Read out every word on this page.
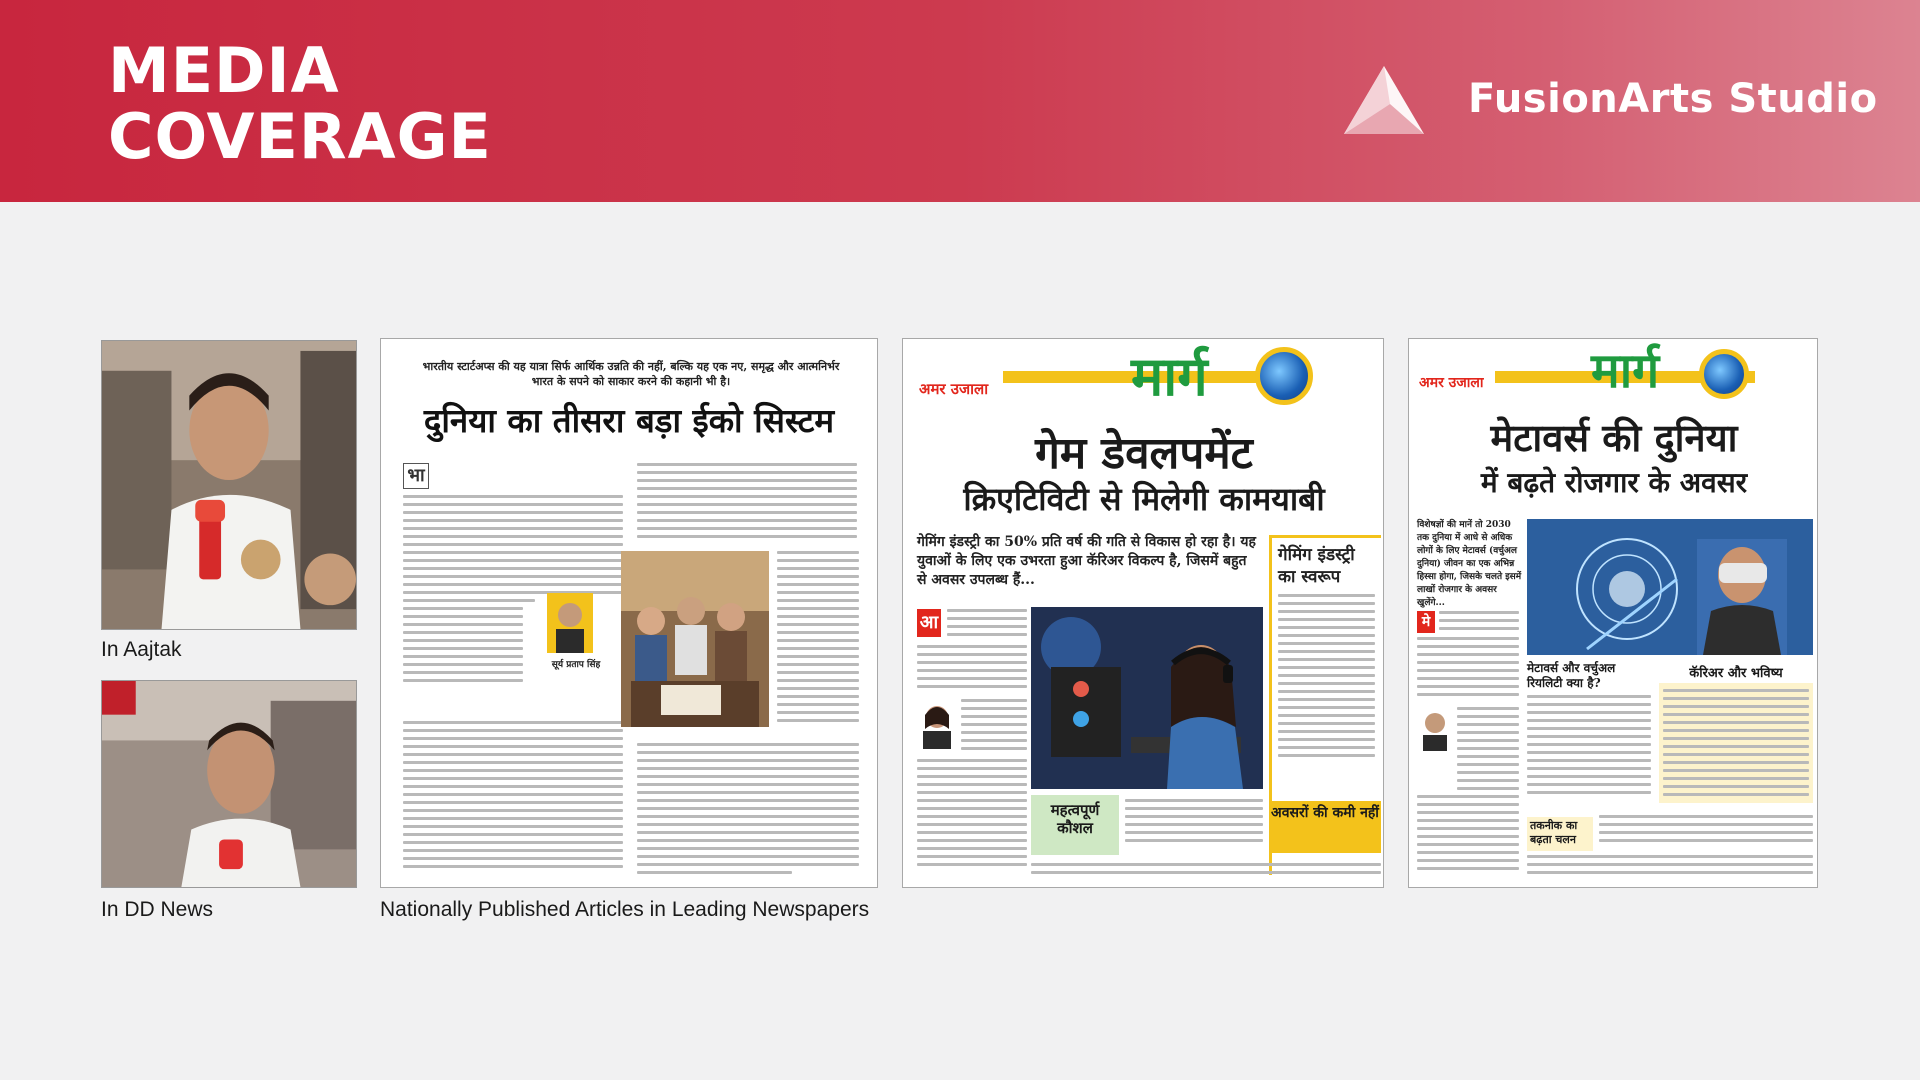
MEDIA
COVERAGE
FusionArts Studio
In Aajtak
In DD News
भारतीय स्टार्टअप्स की यह यात्रा सिर्फ आर्थिक उन्नति की नहीं, बल्कि यह एक नए, समृद्ध और आत्मनिर्भर भारत के सपने को साकार करने की कहानी भी है।
दुनिया का तीसरा बड़ा ईको सिस्टम
भा
सूर्य प्रताप सिंह
अमर उजाला	मार्ग
गेम डेवलपमेंट
क्रिएटिविटी से मिलेगी कामयाबी
गेमिंग इंडस्ट्री का 50% प्रति वर्ष की गति से विकास हो रहा है। यह युवाओं के लिए एक उभरता हुआ कॅरिअर विकल्प है, जिसमें बहुत से अवसर उपलब्ध हैं...
गेमिंग इंडस्ट्री का स्वरूप
आ
महत्वपूर्ण कौशल
अवसरों की कमी नहीं
अमर उजाला मार्ग
मेटावर्स की दुनिया
में बढ़ते रोजगार के अवसर
विशेषज्ञों की मानें तो 2030 तक दुनिया में आधे से अधिक लोगों के लिए मेटावर्स (वर्चुअल दुनिया) जीवन का एक अभिन्न हिस्सा होगा, जिसके चलते इसमें लाखों रोजगार के अवसर खुलेंगे...
मे
मेटावर्स और वर्चुअल रियलिटी क्या है?
कॅरिअर और भविष्य
तकनीक का बढ़ता चलन
Nationally Published Articles in Leading Newspapers
